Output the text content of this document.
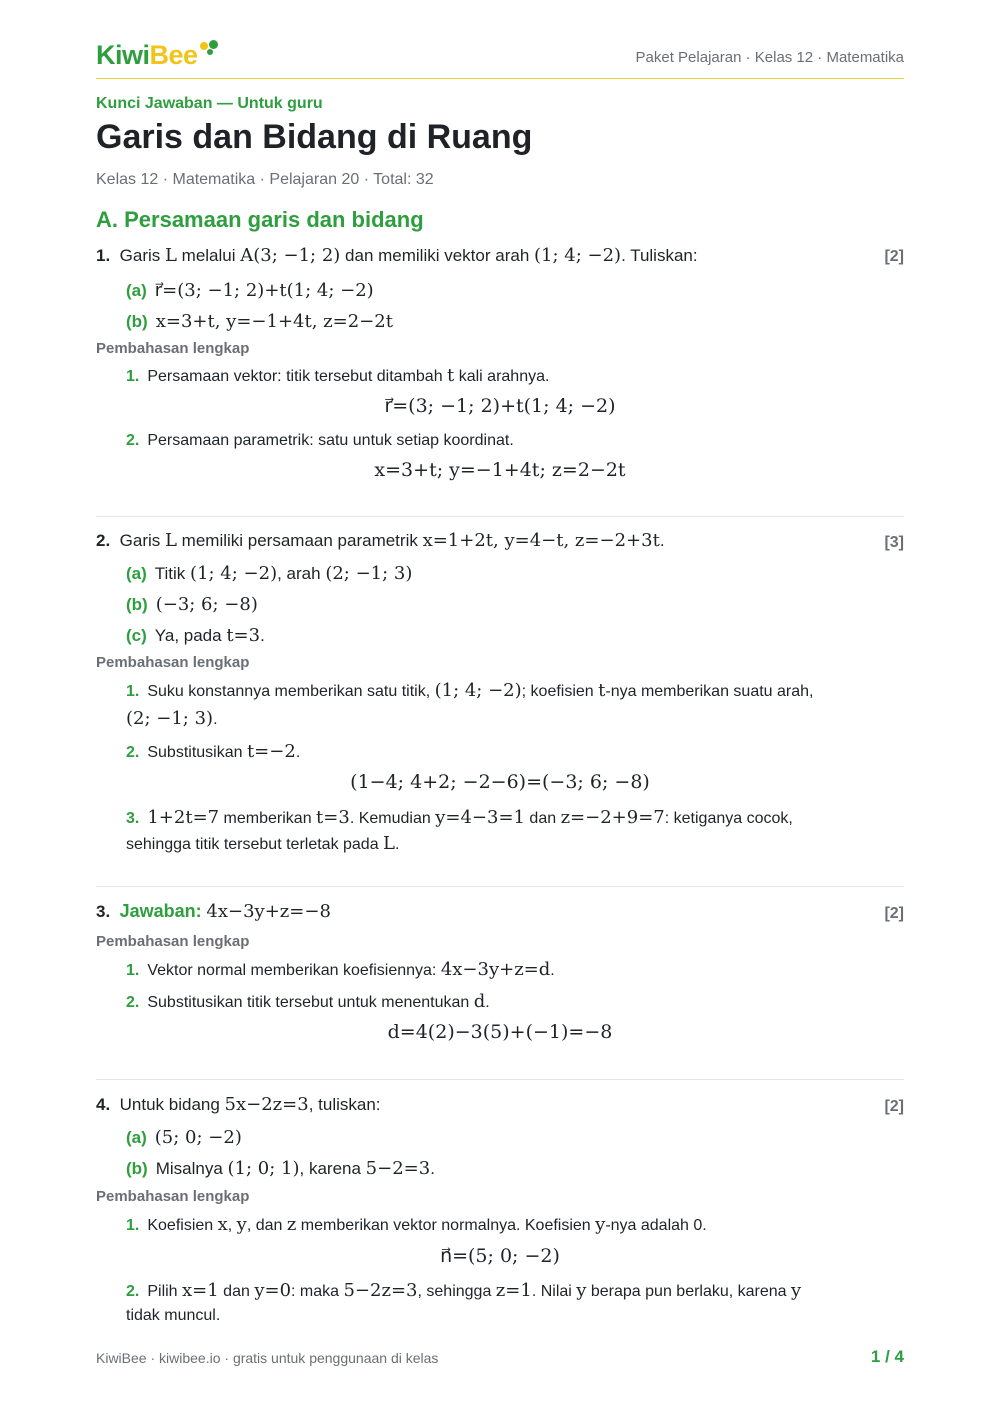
KiwiBee	Paket Pelajaran · Kelas 12 · Matematika
Kunci Jawaban — Untuk guru
Garis dan Bidang di Ruang
Kelas 12 · Matematika · Pelajaran 20 · Total: 32
A. Persamaan garis dan bidang
1. Garis L melalui A(3; −1; 2) dan memiliki vektor arah (1; 4; −2). Tuliskan:	[2]
(a) r⃗=(3; −1; 2)+t(1; 4; −2)
(b) x=3+t, y=−1+4t, z=2−2t
Pembahasan lengkap
1. Persamaan vektor: titik tersebut ditambah t kali arahnya.
r⃗=(3; −1; 2)+t(1; 4; −2)
2. Persamaan parametrik: satu untuk setiap koordinat.
x=3+t; y=−1+4t; z=2−2t
2. Garis L memiliki persamaan parametrik x=1+2t, y=4−t, z=−2+3t.	[3]
(a) Titik (1; 4; −2), arah (2; −1; 3)
(b) (−3; 6; −8)
(c) Ya, pada t=3.
Pembahasan lengkap
1. Suku konstannya memberikan satu titik, (1; 4; −2); koefisien t-nya memberikan suatu arah,
(2; −1; 3).
2. Substitusikan t=−2.
(1−4; 4+2; −2−6)=(−3; 6; −8)
3. 1+2t=7 memberikan t=3. Kemudian y=4−3=1 dan z=−2+9=7: ketiganya cocok,
sehingga titik tersebut terletak pada L.
3. Jawaban: 4x−3y+z=−8	[2]
Pembahasan lengkap
1. Vektor normal memberikan koefisiennya: 4x−3y+z=d.
2. Substitusikan titik tersebut untuk menentukan d.
d=4(2)−3(5)+(−1)=−8
4. Untuk bidang 5x−2z=3, tuliskan:	[2]
(a) (5; 0; −2)
(b) Misalnya (1; 0; 1), karena 5−2=3.
Pembahasan lengkap
1. Koefisien x, y, dan z memberikan vektor normalnya. Koefisien y-nya adalah 0.
n⃗=(5; 0; −2)
2. Pilih x=1 dan y=0: maka 5−2z=3, sehingga z=1. Nilai y berapa pun berlaku, karena y
tidak muncul.
KiwiBee · kiwibee.io · gratis untuk penggunaan di kelas	1 / 4
